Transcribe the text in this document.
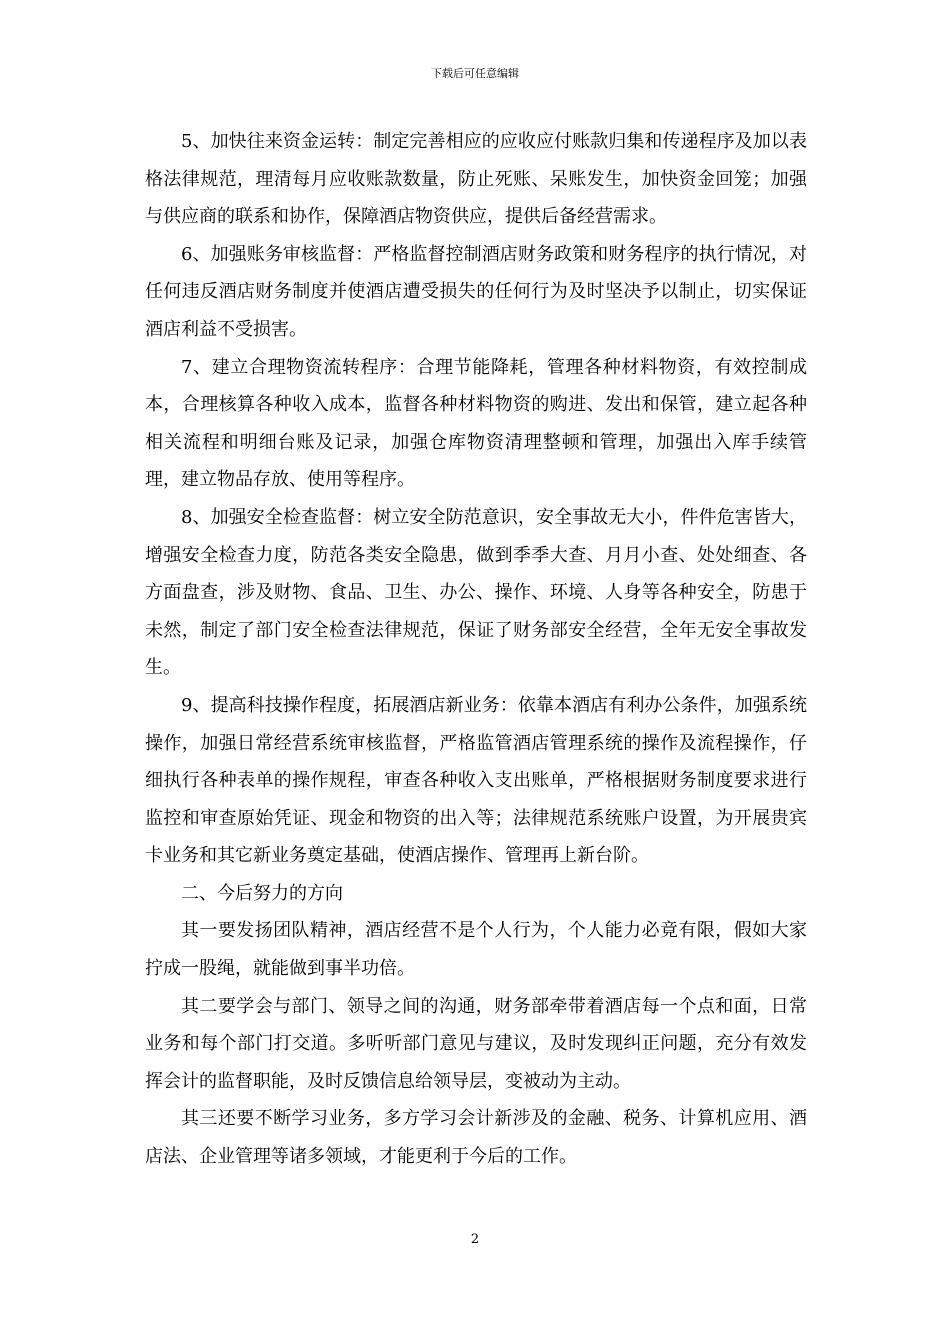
下载后可任意编辑

5、加快往来资金运转：制定完善相应的应收应付账款归集和传递程序及加以表格法律规范，理清每月应收账款数量，防止死账、呆账发生，加快资金回笼；加强与供应商的联系和协作，保障酒店物资供应，提供后备经营需求。

6、加强账务审核监督：严格监督控制酒店财务政策和财务程序的执行情况，对任何违反酒店财务制度并使酒店遭受损失的任何行为及时坚决予以制止，切实保证酒店利益不受损害。

7、建立合理物资流转程序：合理节能降耗，管理各种材料物资，有效控制成本，合理核算各种收入成本，监督各种材料物资的购进、发出和保管，建立起各种相关流程和明细台账及记录，加强仓库物资清理整顿和管理，加强出入库手续管理，建立物品存放、使用等程序。

8、加强安全检查监督：树立安全防范意识，安全事故无大小，件件危害皆大，增强安全检查力度，防范各类安全隐患，做到季季大查、月月小查、处处细查、各方面盘查，涉及财物、食品、卫生、办公、操作、环境、人身等各种安全，防患于未然，制定了部门安全检查法律规范，保证了财务部安全经营，全年无安全事故发生。

9、提高科技操作程度，拓展酒店新业务：依靠本酒店有利办公条件，加强系统操作，加强日常经营系统审核监督，严格监管酒店管理系统的操作及流程操作，仔细执行各种表单的操作规程，审查各种收入支出账单，严格根据财务制度要求进行监控和审查原始凭证、现金和物资的出入等；法律规范系统账户设置，为开展贵宾卡业务和其它新业务奠定基础，使酒店操作、管理再上新台阶。

二、今后努力的方向

其一要发扬团队精神，酒店经营不是个人行为，个人能力必竟有限，假如大家拧成一股绳，就能做到事半功倍。

其二要学会与部门、领导之间的沟通，财务部牵带着酒店每一个点和面，日常业务和每个部门打交道。多听听部门意见与建议，及时发现纠正问题，充分有效发挥会计的监督职能，及时反馈信息给领导层，变被动为主动。

其三还要不断学习业务，多方学习会计新涉及的金融、税务、计算机应用、酒店法、企业管理等诸多领域，才能更利于今后的工作。

2
